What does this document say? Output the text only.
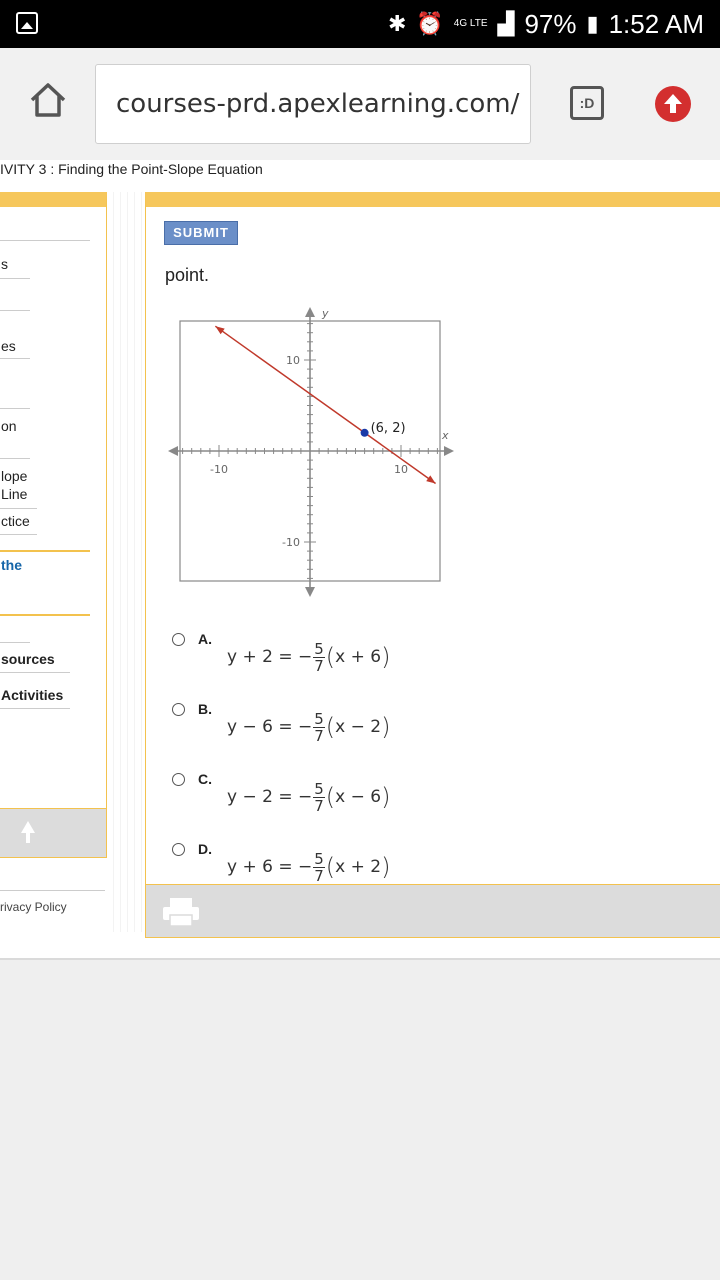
✱ ⏰ 4G LTE ▟ 97% ▮ 1:52 AM
courses-prd.apexlearning.com/	:D
IVITY 3 : Finding the Point-Slope Equation
s
es
on
lope
Line
ctice
the
sources
Activities
rivacy Policy
SUBMIT
point.
-10	10
10
-10
y
x
(6, 2)
A.
y + 2 = − $\frac{5}{7}$ ( x + 6 )
B.
y − 6 = − $\frac{5}{7}$ ( x − 2 )
C.
y − 2 = − $\frac{5}{7}$ ( x − 6 )
D.
y + 6 = − $\frac{5}{7}$ ( x + 2 )
